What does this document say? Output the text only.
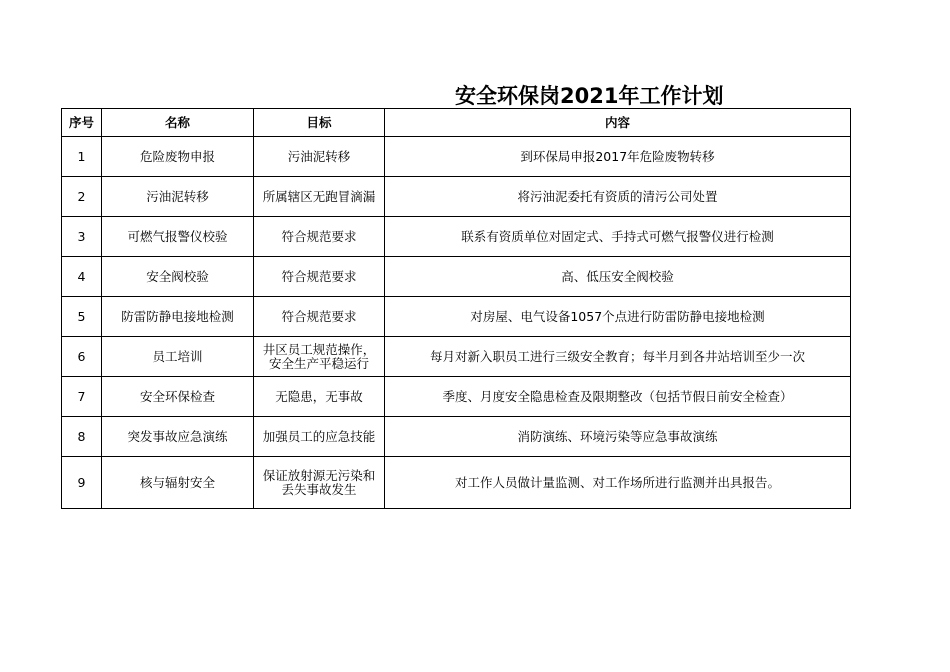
安全环保岗2021年工作计划
序号	名称	目标	内容
1	危险废物申报	污油泥转移	到环保局申报2017年危险废物转移
2	污油泥转移	所属辖区无跑冒滴漏	将污油泥委托有资质的清污公司处置
3	可燃气报警仪校验	符合规范要求	联系有资质单位对固定式、手持式可燃气报警仪进行检测
4	安全阀校验	符合规范要求	高、低压安全阀校验
5	防雷防静电接地检测	符合规范要求	对房屋、电气设备1057个点进行防雷防静电接地检测
6	员工培训	井区员工规范操作，安全生产平稳运行	每月对新入职员工进行三级安全教育；每半月到各井站培训至少一次
7	安全环保检查	无隐患，无事故	季度、月度安全隐患检查及限期整改（包括节假日前安全检查）
8	突发事故应急演练	加强员工的应急技能	消防演练、环境污染等应急事故演练
9	核与辐射安全	保证放射源无污染和丢失事故发生	对工作人员做计量监测、对工作场所进行监测并出具报告。
